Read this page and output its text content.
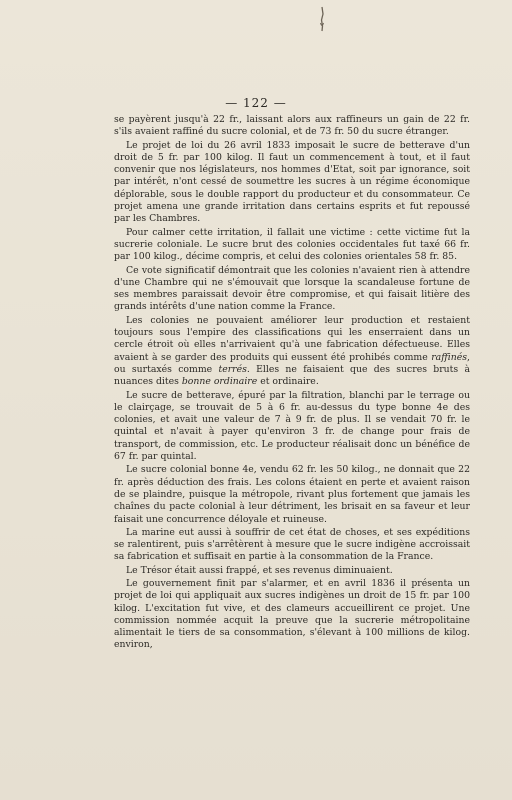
— 122 —

se payèrent jusqu'à 22 fr., laissant alors aux raffineurs un gain de 22 fr. s'ils avaient raffiné du sucre colonial, et de 73 fr. 50 du sucre étranger.

Le projet de loi du 26 avril 1833 imposait le sucre de betterave d'un droit de 5 fr. par 100 kilog. Il faut un commencement à tout, et il faut convenir que nos législateurs, nos hommes d'Etat, soit par ignorance, soit par intérêt, n'ont cessé de soumettre les sucres à un régime économique déplorable, sous le double rapport du producteur et du consommateur. Ce projet amena une grande irritation dans certains esprits et fut repoussé par les Chambres.

Pour calmer cette irritation, il fallait une victime : cette victime fut la sucrerie coloniale. Le sucre brut des colonies occidentales fut taxé 66 fr. par 100 kilog., décime compris, et celui des colonies orientales 58 fr. 85.

Ce vote significatif démontrait que les colonies n'avaient rien à attendre d'une Chambre qui ne s'émouvait que lorsque la scandaleuse fortune de ses membres paraissait devoir être compromise, et qui faisait litière des grands intérêts d'une nation comme la France.

Les colonies ne pouvaient améliorer leur production et restaient toujours sous l'empire des classifications qui les enserraient dans un cercle étroit où elles n'arrivaient qu'à une fabrication défectueuse. Elles avaient à se garder des produits qui eussent été prohibés comme raffinés, ou surtaxés comme terrés. Elles ne faisaient que des sucres bruts à nuances dites bonne ordinaire et ordinaire.

Le sucre de betterave, épuré par la filtration, blanchi par le terrage ou le clairçage, se trouvait de 5 à 6 fr. au-dessus du type bonne 4e des colonies, et avait une valeur de 7 à 9 fr. de plus. Il se vendait 70 fr. le quintal et n'avait à payer qu'environ 3 fr. de change pour frais de transport, de commission, etc. Le producteur réalisait donc un bénéfice de 67 fr. par quintal.

Le sucre colonial bonne 4e, vendu 62 fr. les 50 kilog., ne donnait que 22 fr. après déduction des frais. Les colons étaient en perte et avaient raison de se plaindre, puisque la métropole, rivant plus fortement que jamais les chaînes du pacte colonial à leur détriment, les brisait en sa faveur et leur faisait une concurrence déloyale et ruineuse.

La marine eut aussi à souffrir de cet état de choses, et ses expéditions se ralentirent, puis s'arrêtèrent à mesure que le sucre indigène accroissait sa fabrication et suffisait en partie à la consommation de la France.

Le Trésor était aussi frappé, et ses revenus diminuaient.

Le gouvernement finit par s'alarmer, et en avril 1836 il présenta un projet de loi qui appliquait aux sucres indigènes un droit de 15 fr. par 100 kilog. L'excitation fut vive, et des clameurs accueillirent ce projet. Une commission nommée acquit la preuve que la sucrerie métropolitaine alimentait le tiers de sa consommation, s'élevant à 100 millions de kilog. environ,
